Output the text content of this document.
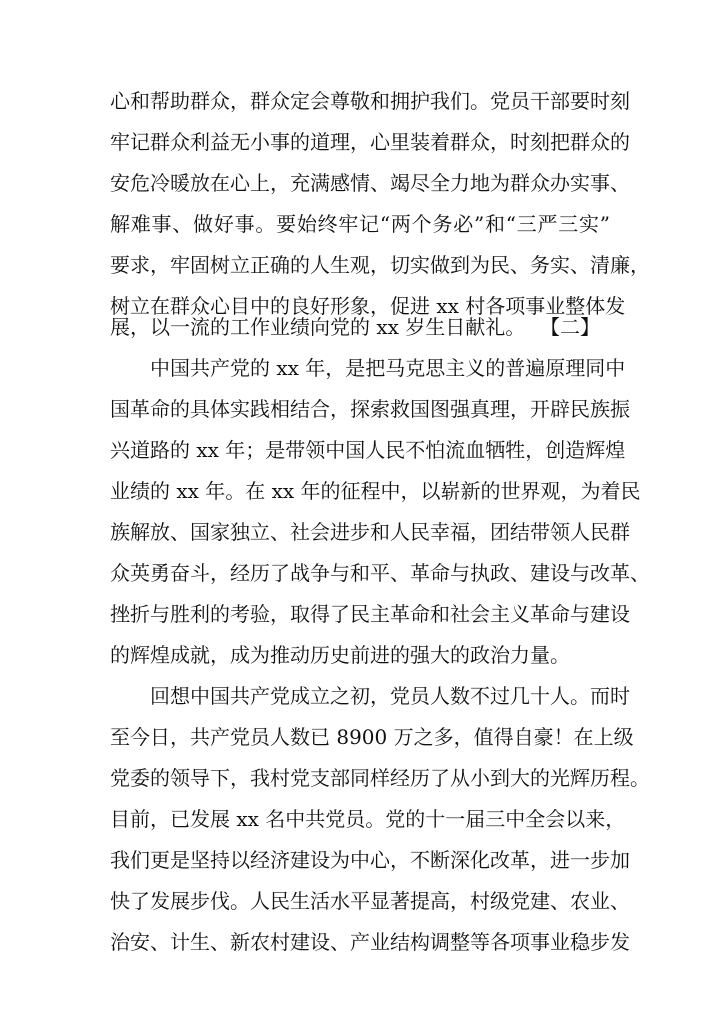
心和帮助群众，群众定会尊敬和拥护我们。党员干部要时刻
牢记群众利益无小事的道理，心里装着群众，时刻把群众的
安危冷暖放在心上，充满感情、竭尽全力地为群众办实事、
解难事、做好事。要始终牢记“两个务必”和“三严三实”
要求，牢固树立正确的人生观，切实做到为民、务实、清廉，
树立在群众心目中的良好形象，促进 xx 村各项事业整体发
展，以一流的工作业绩向党的 xx 岁生日献礼。 【二】
中国共产党的 xx 年，是把马克思主义的普遍原理同中
国革命的具体实践相结合，探索救国图强真理，开辟民族振
兴道路的 xx 年；是带领中国人民不怕流血牺牲，创造辉煌
业绩的 xx 年。在 xx 年的征程中，以崭新的世界观，为着民
族解放、国家独立、社会进步和人民幸福，团结带领人民群
众英勇奋斗，经历了战争与和平、革命与执政、建设与改革、
挫折与胜利的考验，取得了民主革命和社会主义革命与建设
的辉煌成就，成为推动历史前进的强大的政治力量。
回想中国共产党成立之初，党员人数不过几十人。而时
至今日，共产党员人数已 8900 万之多，值得自豪！在上级
党委的领导下，我村党支部同样经历了从小到大的光辉历程。
目前，已发展 xx 名中共党员。党的十一届三中全会以来，
我们更是坚持以经济建设为中心，不断深化改革，进一步加
快了发展步伐。人民生活水平显著提高，村级党建、农业、
治安、计生、新农村建设、产业结构调整等各项事业稳步发
